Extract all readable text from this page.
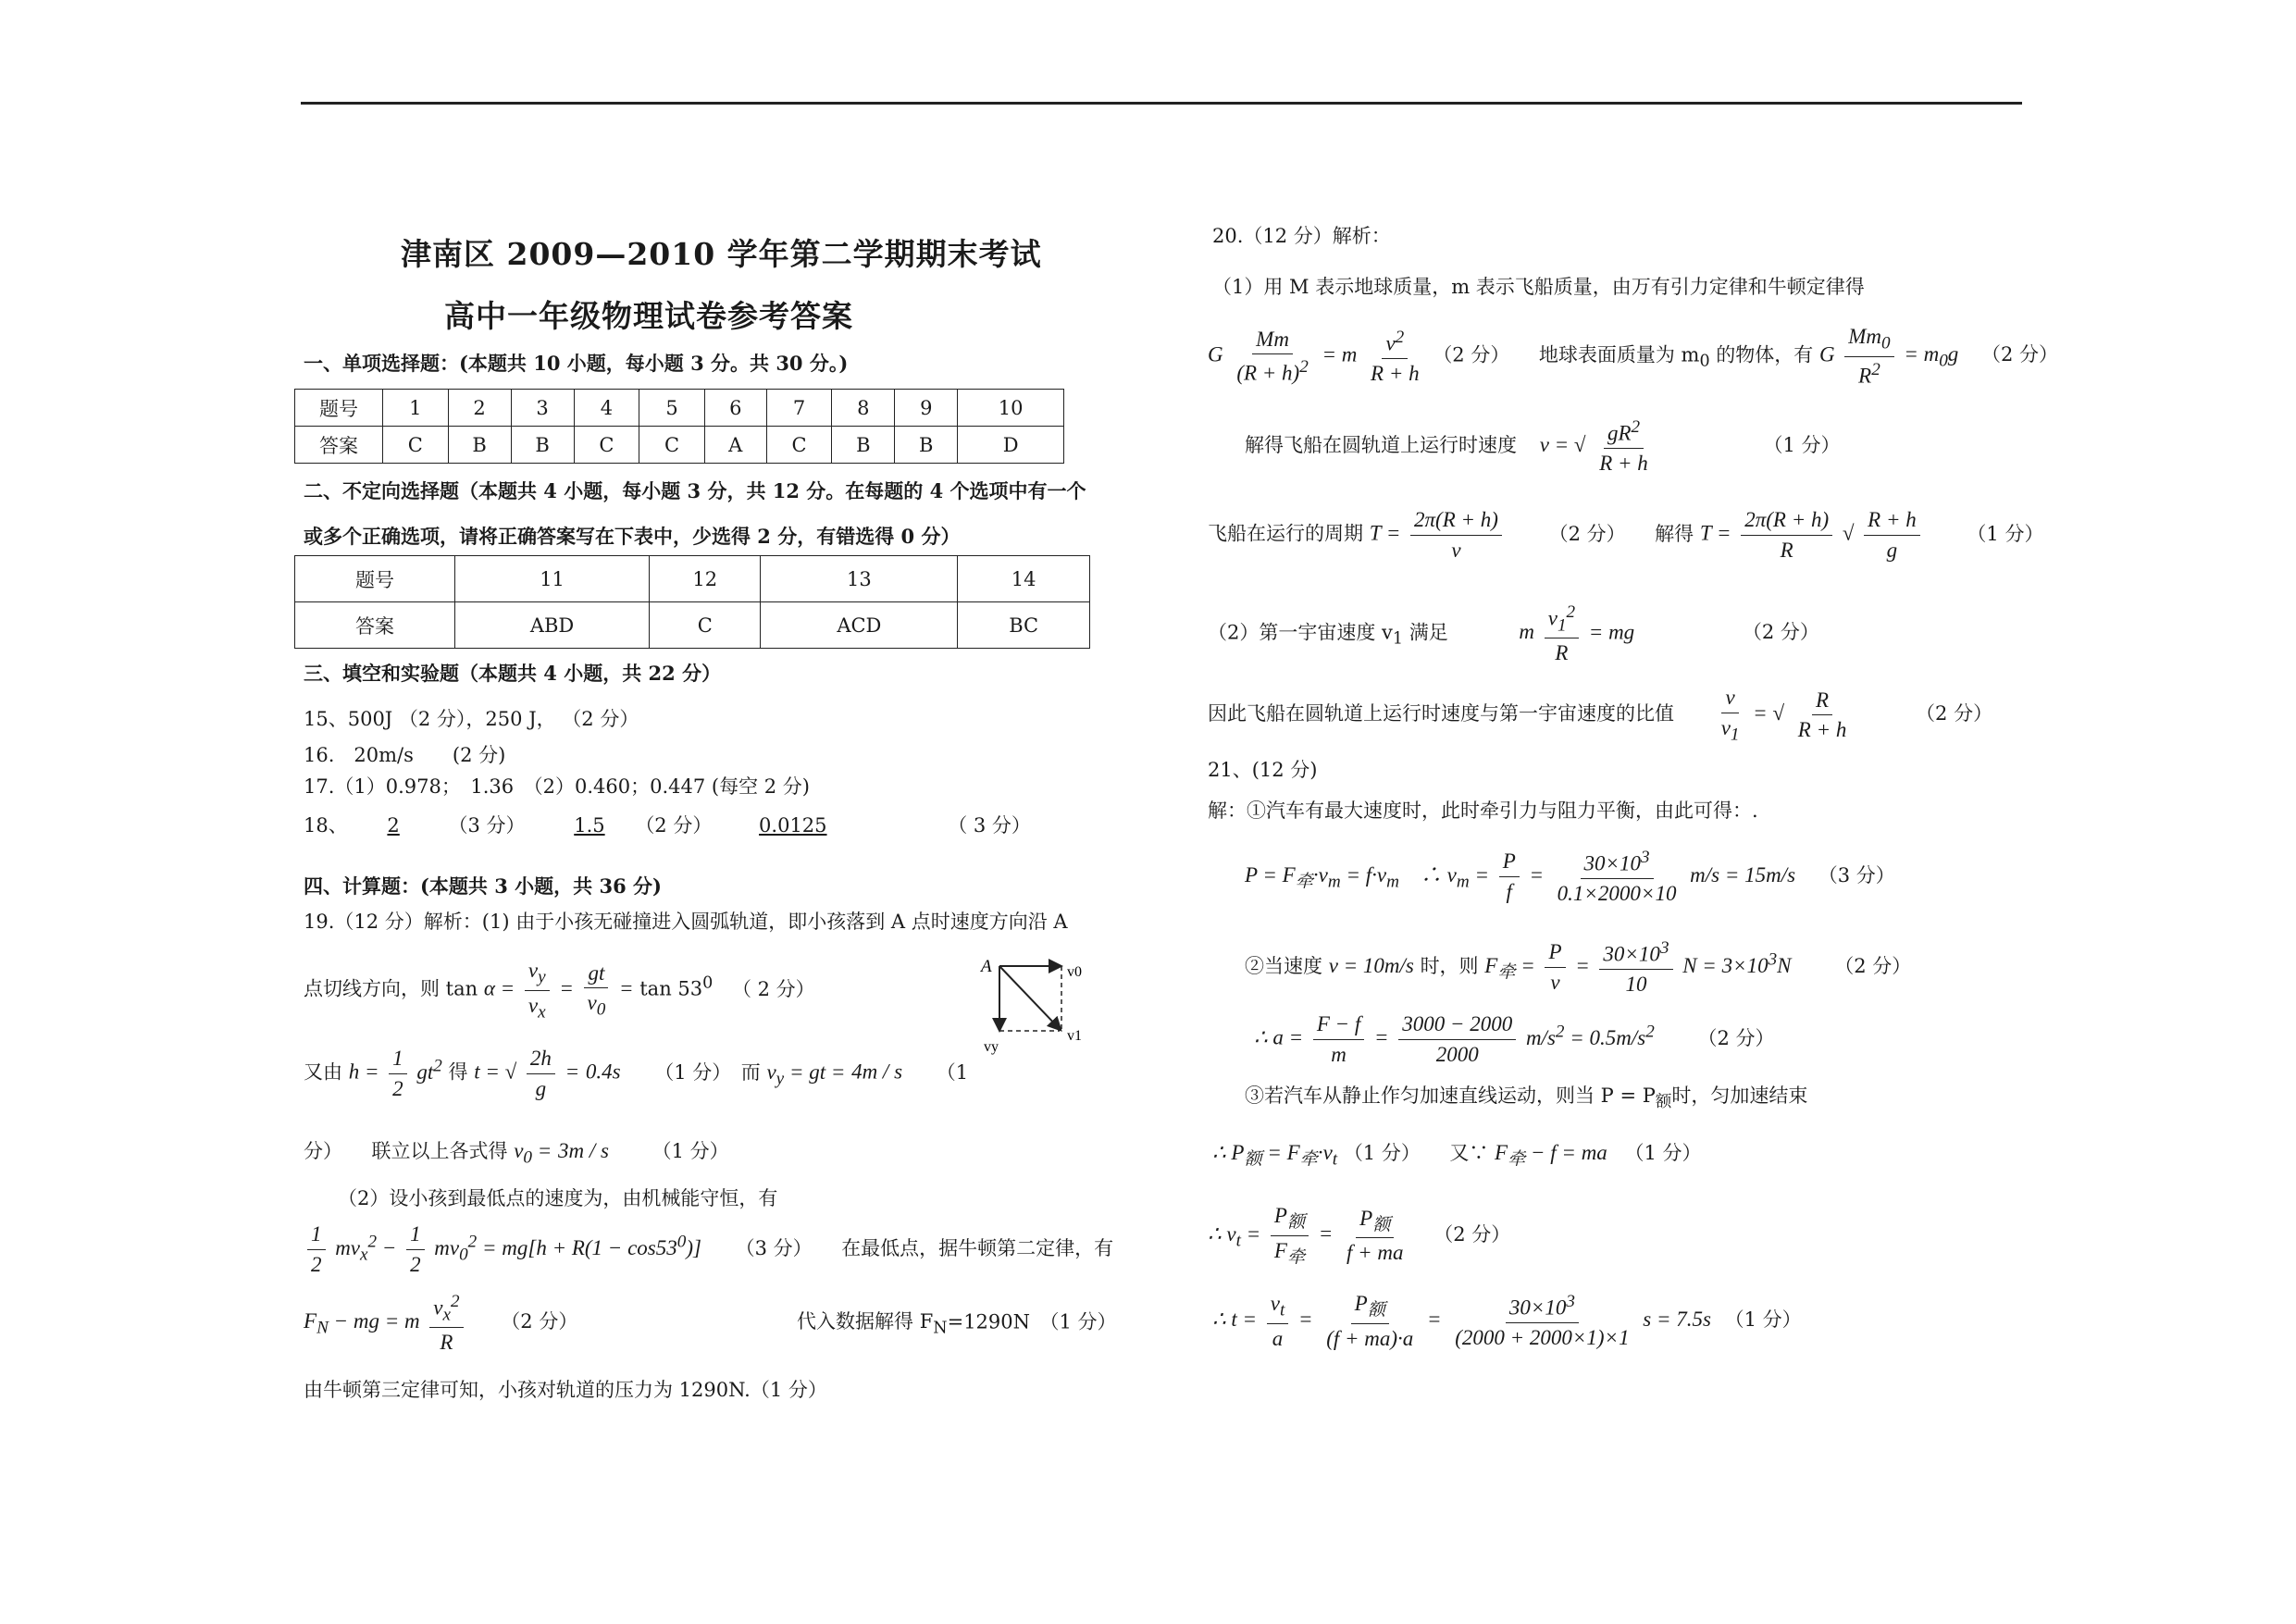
津南区 2009—2010 学年第二学期期末考试
高中一年级物理试卷参考答案
一、单项选择题：(本题共 10 小题，每小题 3 分。共 30 分。)
题号	1	2	3	4	5	6	7	8	9	10
答案	C	B	B	C	C	A	C	B	B	D
二、不定向选择题（本题共 4 小题，每小题 3 分，共 12 分。在每题的 4 个选项中有一个
或多个正确选项，请将正确答案写在下表中，少选得 2 分，有错选得 0 分）
题号	11	12	13	14
答案	ABD	C	ACD	BC
三、填空和实验题（本题共 4 小题，共 22 分）
15、500J （2 分），250 J， （2 分）
16.　20m/s　　(2 分)
17.（1）0.978；　1.36　（2）0.460；0.447 (每空 2 分)
18、 2	（3 分）	1.5 （2 分） 0.0125	（ 3 分）
四、计算题：(本题共 3 小题，共 36 分)
19.（12 分）解析：(1) 由于小孩无碰撞进入圆弧轨道，即小孩落到 A 点时速度方向沿 A
点切线方向，则 $\tan \alpha = \frac{v_y}{v_x} = \frac{gt}{v_0} = \tan 53^0$ （ 2 分）
A	v0
vy
v1
又由 $h = \frac{1}{2} gt^2$ 得 t = √ $\frac{2h}{g} = 0.4s$ （1 分）　而 $v_y$ = gt = 4m / s （1
分）　　联立以上各式得 $v_0 = 3m / s$ （1 分）
（2）设小孩到最低点的速度为，由机械能守恒，有
$\frac{1}{2} mv_x^2 - \frac{1}{2} mv_0^2 = mg[h + R(1 - \cos 53^0)]$ （3 分）　　在最低点，据牛顿第二定律，有
$F_N$ − mg = m $\frac{v_x^2}{R} (2$ 分）	代入数据解得 $F_N=1290N$　（1 分）
由牛顿第三定律可知，小孩对轨道的压力为 1290N.（1 分）
20.（12 分）解析：
（1）用 M 表示地球质量，m 表示飞船质量，由万有引力定律和牛顿定律得
G $\frac{Mm}{(R + h)^2} = m \frac{v^2}{R + h} (2$ 分）　　地球表面质量为 $m_0$ 的物体，有 G $\frac{Mm_0}{R^2} = m_0g$ （2 分）
解得飞船在圆轨道上运行时速度 v = √ $\frac{gR^2}{R + h}$	（1 分）
飞船在运行的周期 $T = \frac{2\pi(R + h)}{v} (2$ 分）　　解得 $T = \frac{2\pi(R + h)}{R}$ √ $\frac{R + h}{g} (1$ 分）
（2）第一宇宙速度 $v_1$ 满足	m $\frac{v_1^2}{R}$ = mg	（2 分）
因此飞船在圆轨道上运行时速度与第一宇宙速度的比值 $\frac{v}{v_1}$ = √ $\frac{R}{R + h}$	（2 分）
21、(12 分)
解：①汽车有最大速度时，此时牵引力与阻力平衡，由此可得：.
$P = F_牵\cdot v_m = f\cdot v_m$　∴ $v_m = \frac{P}{f} = \frac{30\times 10^3}{0.1\times 2000\times 10} m/s = 15m/s$ （3 分）
②当速度 v = 10m/s 时，则 $F_牵 = \frac{P}{v} = \frac{30\times 10^3}{10}$ $N = 3\times 10^3N$ （2 分）
∴ $a = \frac{F - f}{m} = \frac{3000 - 2000}{2000} m/s^2 = 0.5m/s^2$ （2 分）
③若汽车从静止作匀加速直线运动，则当 $P = P_额$时，匀加速结束
∴ $P_额 = F_牵\cdot v_t$ （1 分）　　又∵ $F_牵 - f$ = ma （1 分）
∴ $v_t = \frac{P_额}{F_牵} = \frac{P_额}{f + ma} (2$ 分）
∴ $t = \frac{v_t}{a} = \frac{P_额}{(f + ma)\cdot a} = \frac{30\times 10^3}{(2000 + 2000\times 1)\times 1}$ s = 7.5s （1 分）
